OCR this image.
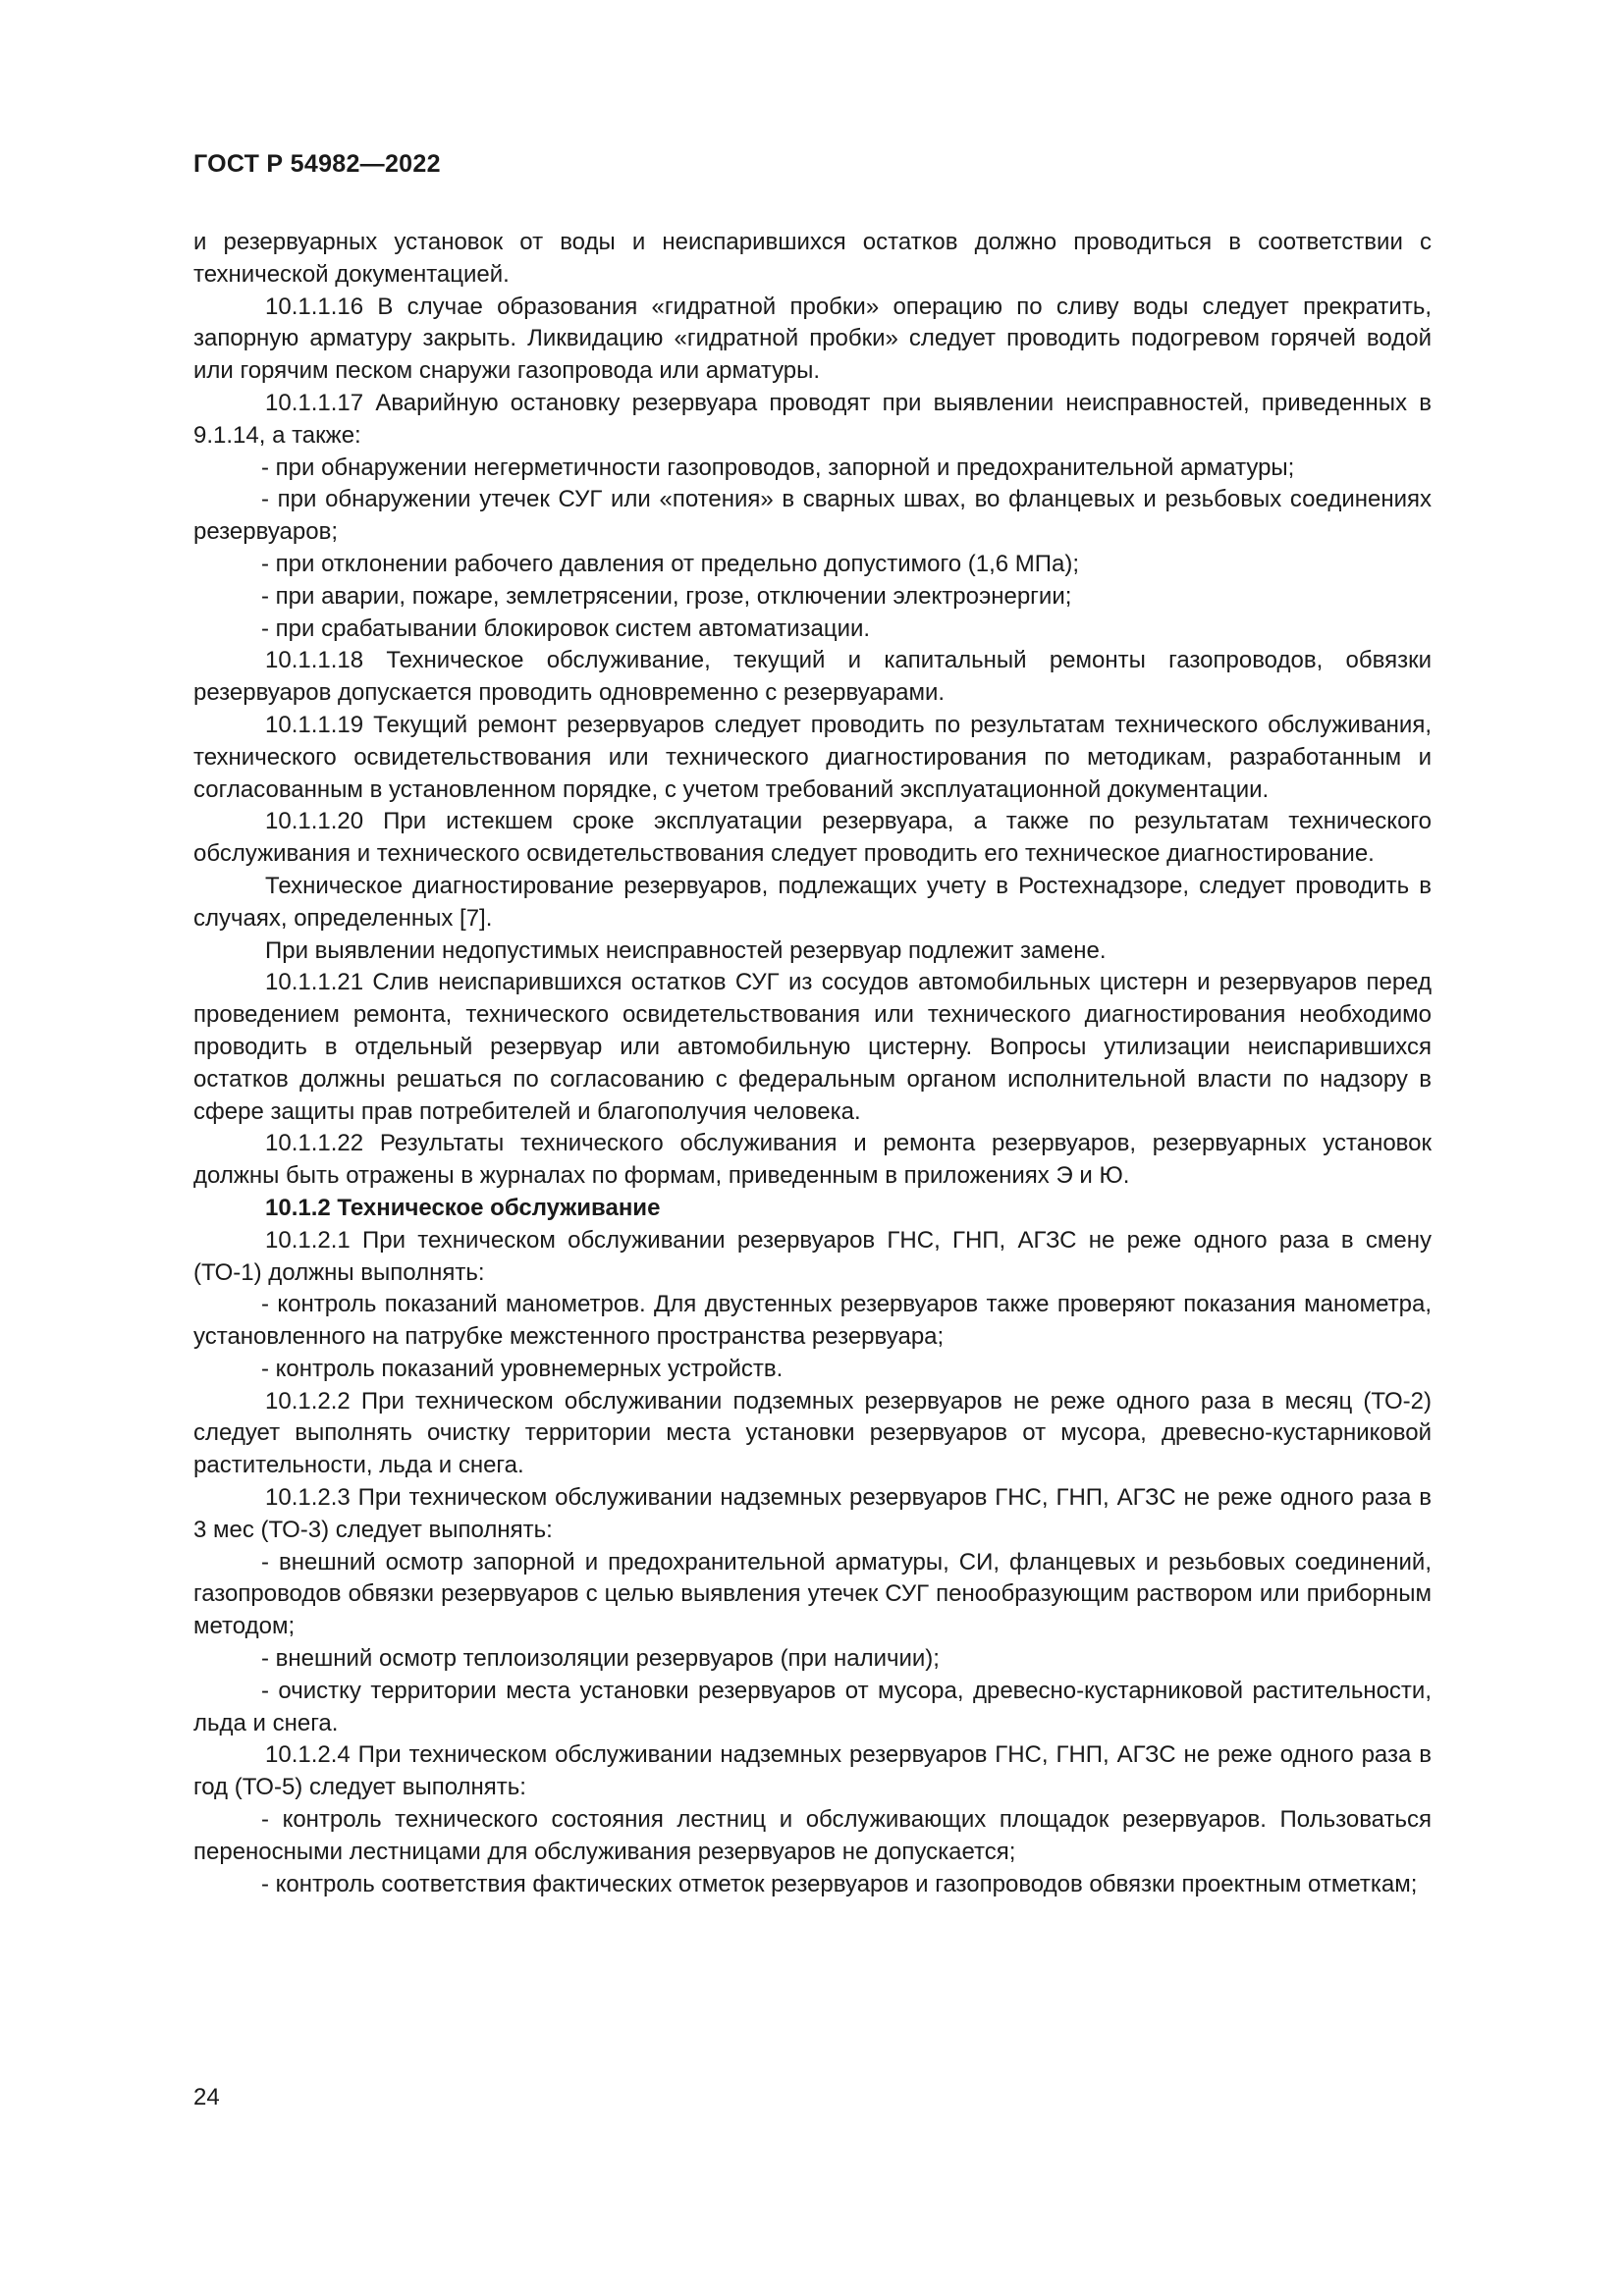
ГОСТ Р 54982—2022

и резервуарных установок от воды и неиспарившихся остатков должно проводиться в соответствии с технической документацией.

10.1.1.16 В случае образования «гидратной пробки» операцию по сливу воды следует прекратить, запорную арматуру закрыть. Ликвидацию «гидратной пробки» следует проводить подогревом горячей водой или горячим песком снаружи газопровода или арматуры.

10.1.1.17 Аварийную остановку резервуара проводят при выявлении неисправностей, приведенных в 9.1.14, а также:

- при обнаружении негерметичности газопроводов, запорной и предохранительной арматуры;

- при обнаружении утечек СУГ или «потения» в сварных швах, во фланцевых и резьбовых соединениях резервуаров;

- при отклонении рабочего давления от предельно допустимого (1,6 МПа);

- при аварии, пожаре, землетрясении, грозе, отключении электроэнергии;

- при срабатывании блокировок систем автоматизации.

10.1.1.18 Техническое обслуживание, текущий и капитальный ремонты газопроводов, обвязки резервуаров допускается проводить одновременно с резервуарами.

10.1.1.19 Текущий ремонт резервуаров следует проводить по результатам технического обслуживания, технического освидетельствования или технического диагностирования по методикам, разработанным и согласованным в установленном порядке, с учетом требований эксплуатационной документации.

10.1.1.20 При истекшем сроке эксплуатации резервуара, а также по результатам технического обслуживания и технического освидетельствования следует проводить его техническое диагностирование.

Техническое диагностирование резервуаров, подлежащих учету в Ростехнадзоре, следует проводить в случаях, определенных [7].

При выявлении недопустимых неисправностей резервуар подлежит замене.

10.1.1.21 Слив неиспарившихся остатков СУГ из сосудов автомобильных цистерн и резервуаров перед проведением ремонта, технического освидетельствования или технического диагностирования необходимо проводить в отдельный резервуар или автомобильную цистерну. Вопросы утилизации неиспарившихся остатков должны решаться по согласованию с федеральным органом исполнительной власти по надзору в сфере защиты прав потребителей и благополучия человека.

10.1.1.22 Результаты технического обслуживания и ремонта резервуаров, резервуарных установок должны быть отражены в журналах по формам, приведенным в приложениях Э и Ю.

10.1.2 Техническое обслуживание

10.1.2.1 При техническом обслуживании резервуаров ГНС, ГНП, АГЗС не реже одного раза в смену (ТО-1) должны выполнять:

- контроль показаний манометров. Для двустенных резервуаров также проверяют показания манометра, установленного на патрубке межстенного пространства резервуара;

- контроль показаний уровнемерных устройств.

10.1.2.2 При техническом обслуживании подземных резервуаров не реже одного раза в месяц (ТО-2) следует выполнять очистку территории места установки резервуаров от мусора, древесно-кустарниковой растительности, льда и снега.

10.1.2.3 При техническом обслуживании надземных резервуаров ГНС, ГНП, АГЗС не реже одного раза в 3 мес (ТО-3) следует выполнять:

- внешний осмотр запорной и предохранительной арматуры, СИ, фланцевых и резьбовых соединений, газопроводов обвязки резервуаров с целью выявления утечек СУГ пенообразующим раствором или приборным методом;

- внешний осмотр теплоизоляции резервуаров (при наличии);

- очистку территории места установки резервуаров от мусора, древесно-кустарниковой растительности, льда и снега.

10.1.2.4 При техническом обслуживании надземных резервуаров ГНС, ГНП, АГЗС не реже одного раза в год (ТО-5) следует выполнять:

- контроль технического состояния лестниц и обслуживающих площадок резервуаров. Пользоваться переносными лестницами для обслуживания резервуаров не допускается;

- контроль соответствия фактических отметок резервуаров и газопроводов обвязки проектным отметкам;

24
